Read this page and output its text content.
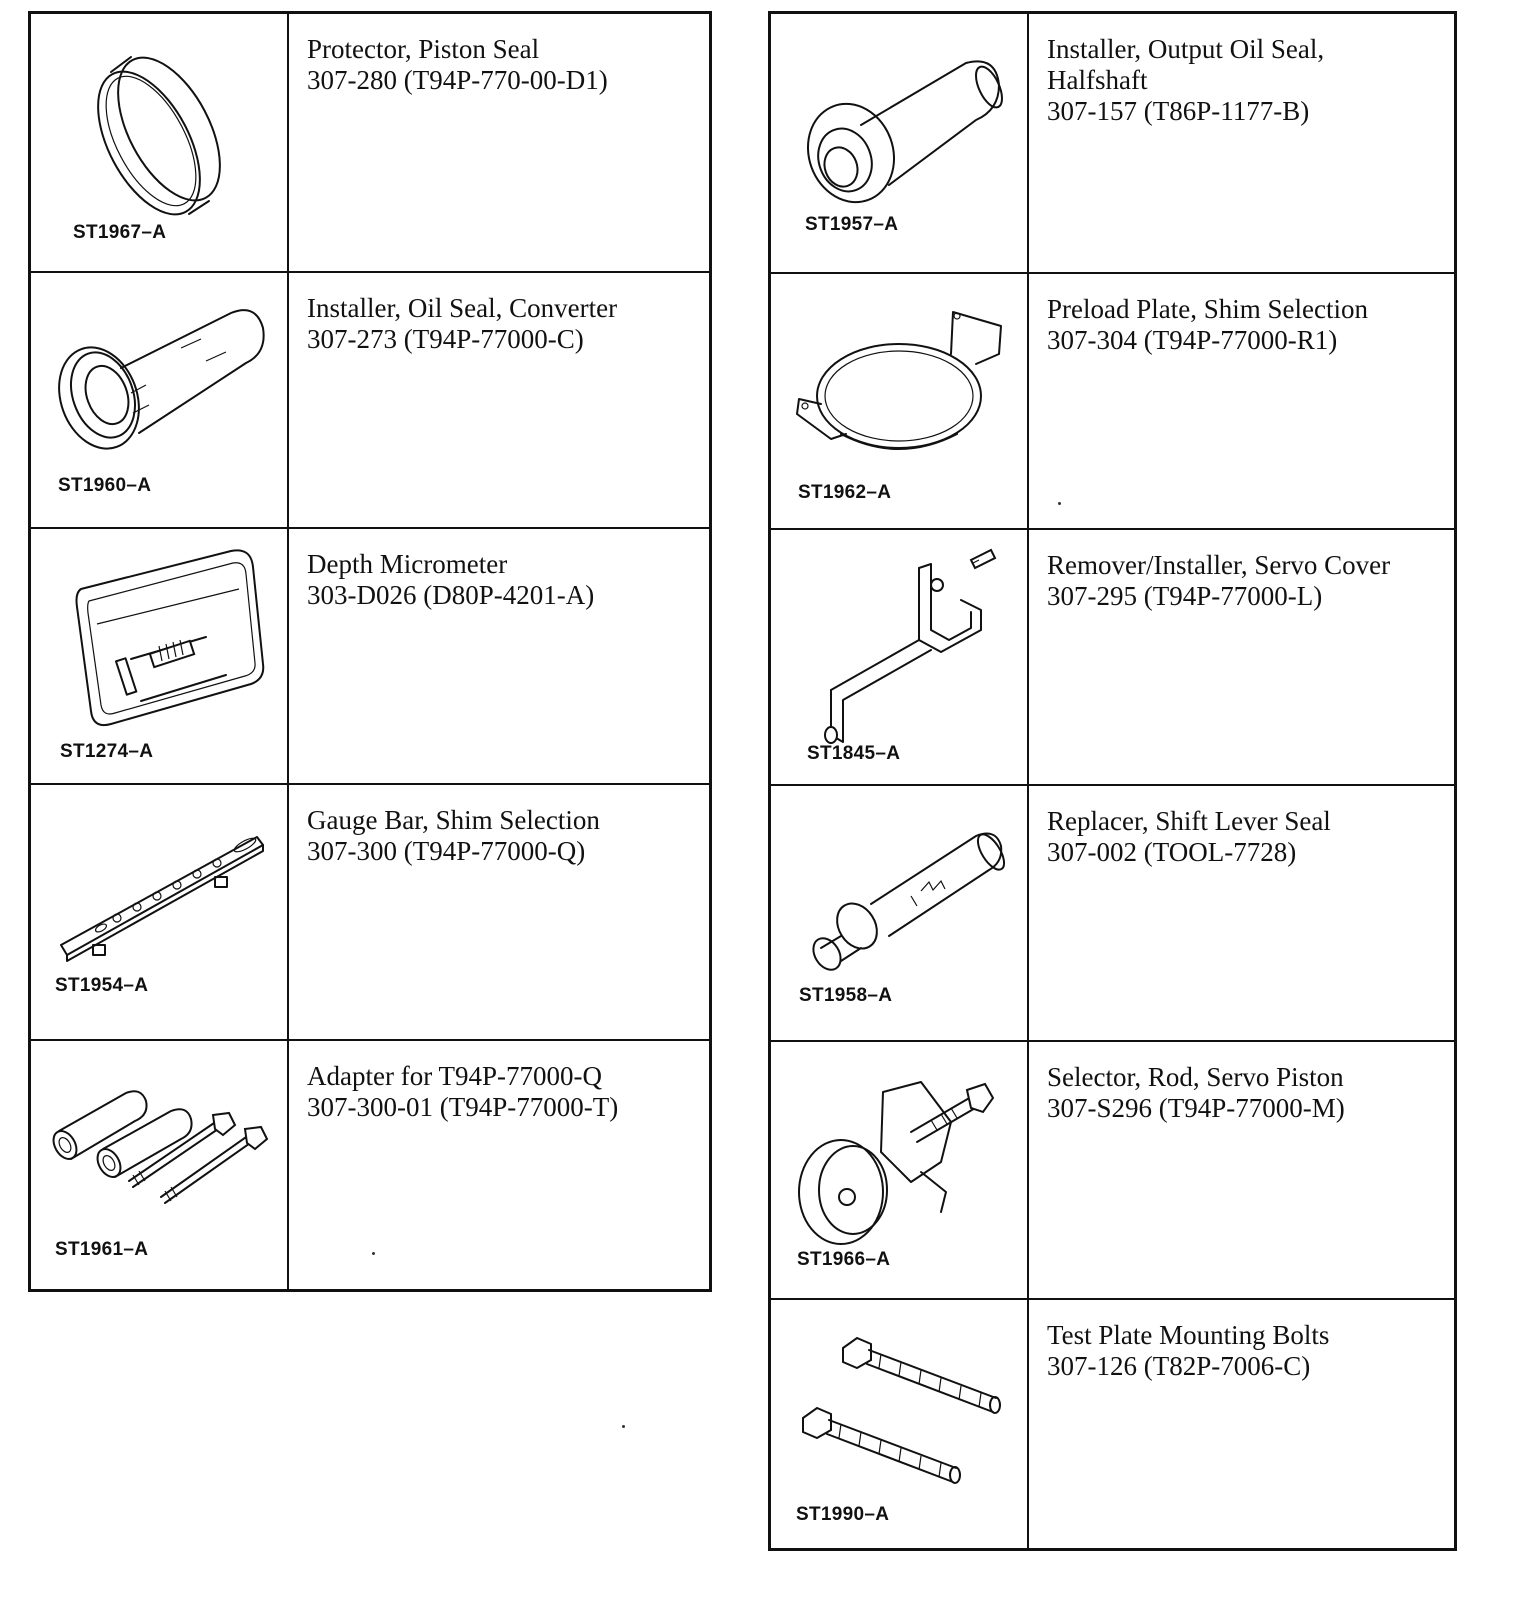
ST1967–A
Protector, Piston Seal
307-280 (T94P-770-00-D1)
ST1960–A
Installer, Oil Seal, Converter
307-273 (T94P-77000-C)
ST1274–A
Depth Micrometer
303-D026 (D80P-4201-A)
ST1954–A
Gauge Bar, Shim Selection
307-300 (T94P-77000-Q)
ST1961–A
Adapter for T94P-77000-Q
307-300-01 (T94P-77000-T)
ST1957–A
Installer, Output Oil Seal,
Halfshaft
307-157 (T86P-1177-B)
ST1962–A
Preload Plate, Shim Selection
307-304 (T94P-77000-R1)
ST1845–A
Remover/Installer, Servo Cover
307-295 (T94P-77000-L)
ST1958–A
Replacer, Shift Lever Seal
307-002 (TOOL-7728)
ST1966–A
Selector, Rod, Servo Piston
307-S296 (T94P-77000-M)
ST1990–A
Test Plate Mounting Bolts
307-126 (T82P-7006-C)
